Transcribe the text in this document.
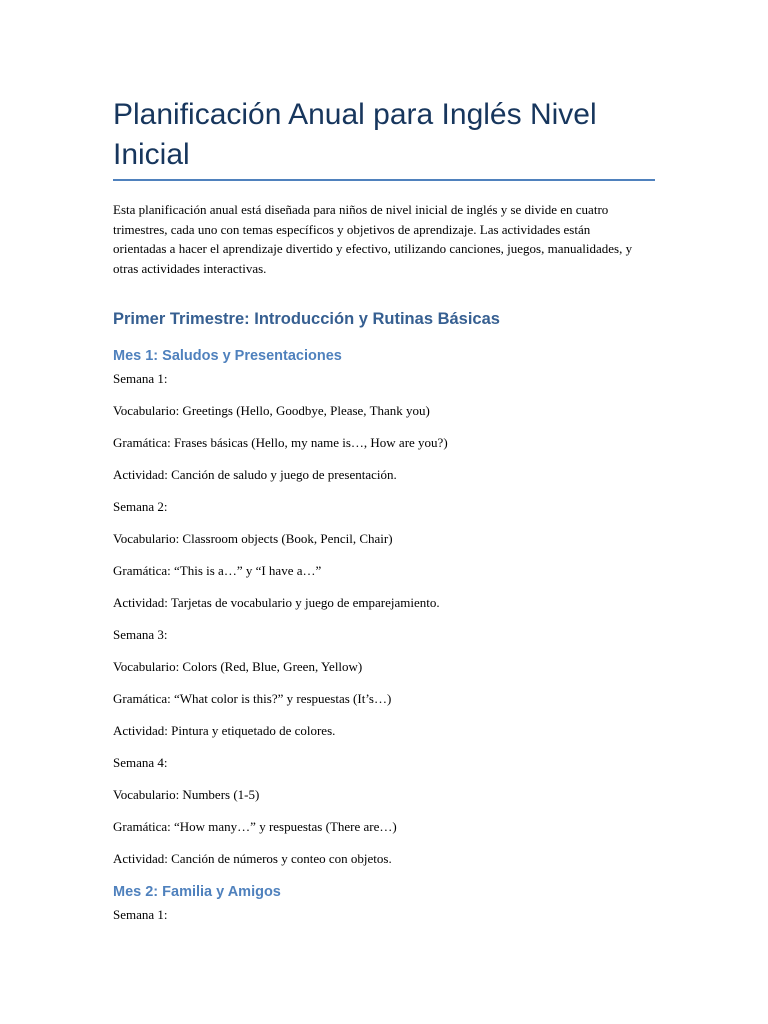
Planificación Anual para Inglés Nivel Inicial

Esta planificación anual está diseñada para niños de nivel inicial de inglés y se divide en cuatro trimestres, cada uno con temas específicos y objetivos de aprendizaje. Las actividades están orientadas a hacer el aprendizaje divertido y efectivo, utilizando canciones, juegos, manualidades, y otras actividades interactivas.

Primer Trimestre: Introducción y Rutinas Básicas
Mes 1: Saludos y Presentaciones

Semana 1:

Vocabulario: Greetings (Hello, Goodbye, Please, Thank you)

Gramática: Frases básicas (Hello, my name is…, How are you?)

Actividad: Canción de saludo y juego de presentación.

Semana 2:

Vocabulario: Classroom objects (Book, Pencil, Chair)

Gramática: “This is a…” y “I have a…”

Actividad: Tarjetas de vocabulario y juego de emparejamiento.

Semana 3:

Vocabulario: Colors (Red, Blue, Green, Yellow)

Gramática: “What color is this?” y respuestas (It’s…)

Actividad: Pintura y etiquetado de colores.

Semana 4:

Vocabulario: Numbers (1-5)

Gramática: “How many…” y respuestas (There are…)

Actividad: Canción de números y conteo con objetos.

Mes 2: Familia y Amigos

Semana 1:
